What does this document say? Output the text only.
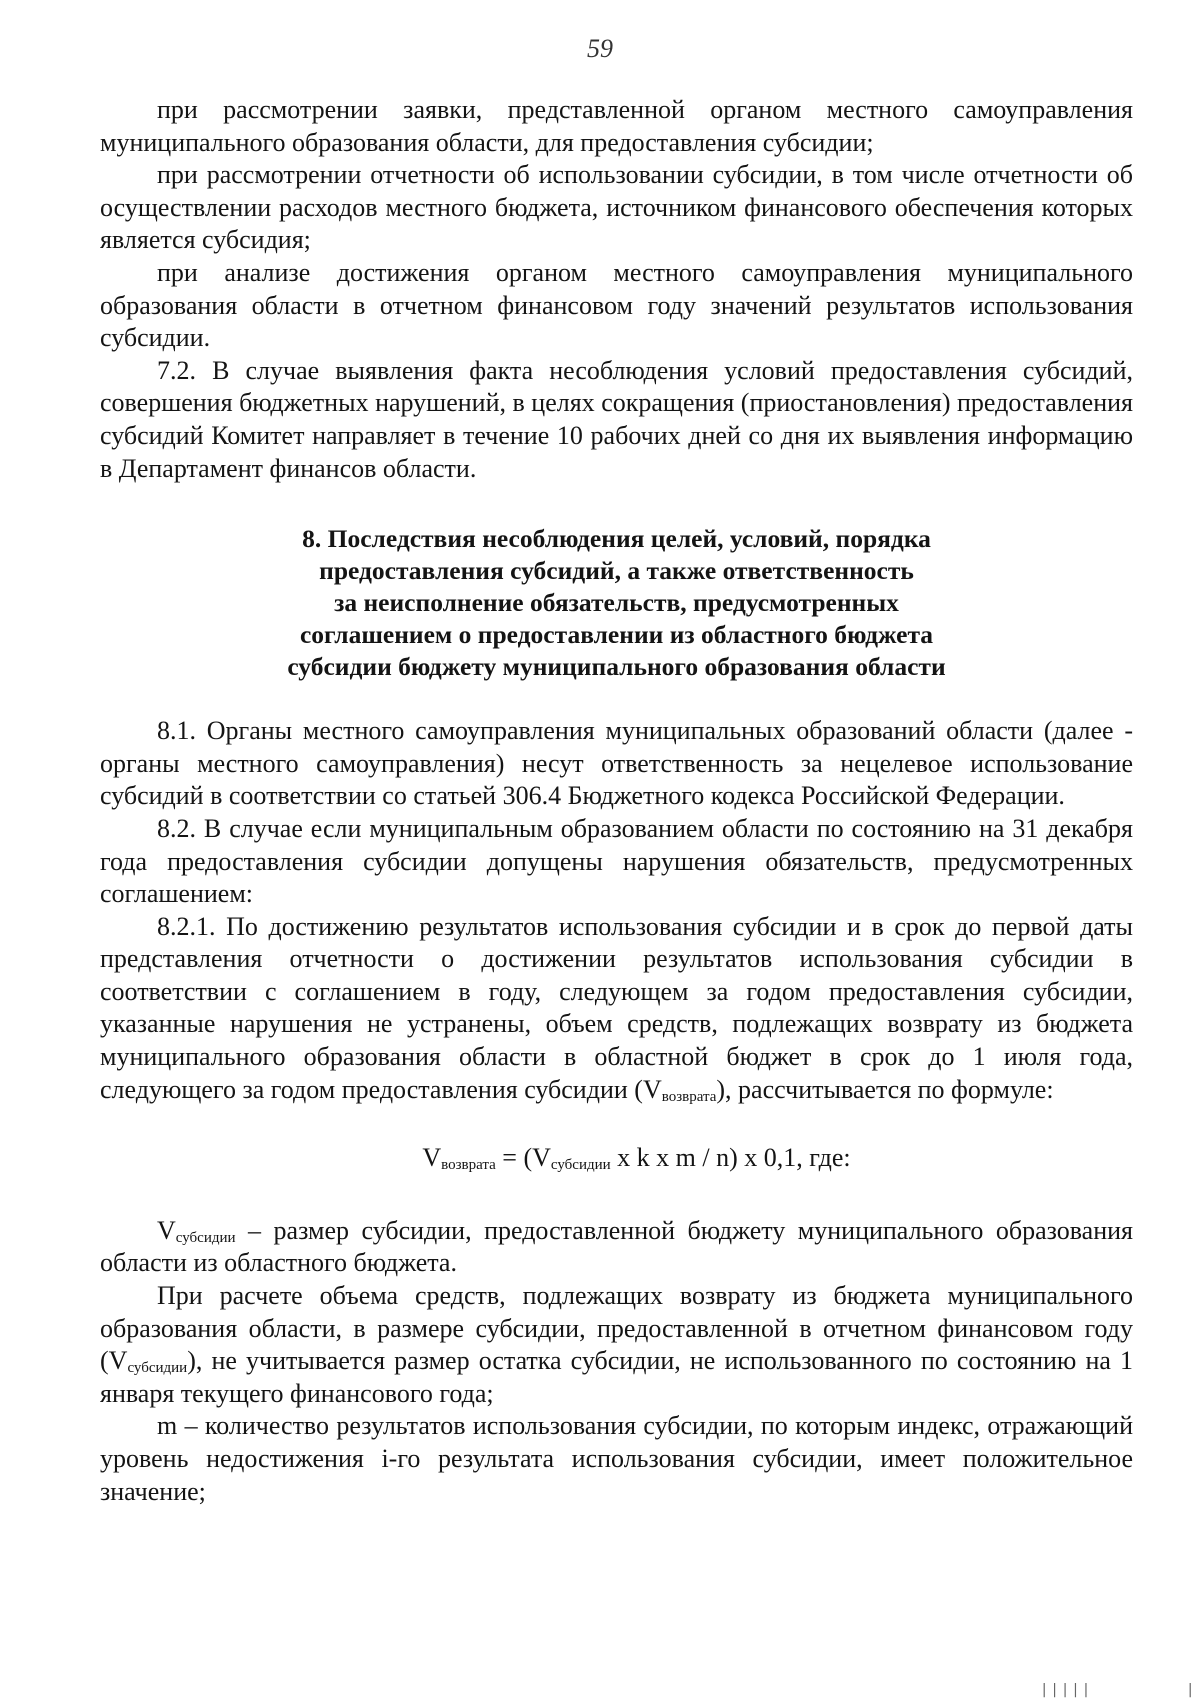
59

при рассмотрении заявки, представленной органом местного самоуправления муниципального образования области, для предоставления субсидии;

при рассмотрении отчетности об использовании субсидии, в том числе отчетности об осуществлении расходов местного бюджета, источником финансового обеспечения которых является субсидия;

при анализе достижения органом местного самоуправления муниципального образования области в отчетном финансовом году значений результатов использования субсидии.

7.2. В случае выявления факта несоблюдения условий предоставления субсидий, совершения бюджетных нарушений, в целях сокращения (приостановления) предоставления субсидий Комитет направляет в течение 10 рабочих дней со дня их выявления информацию в Департамент финансов области.

8. Последствия несоблюдения целей, условий, порядка
предоставления субсидий, а также ответственность
за неисполнение обязательств, предусмотренных
соглашением о предоставлении из областного бюджета
субсидии бюджету муниципального образования области

8.1. Органы местного самоуправления муниципальных образований области (далее - органы местного самоуправления) несут ответственность за нецелевое использование субсидий в соответствии со статьей 306.4 Бюджетного кодекса Российской Федерации.

8.2. В случае если муниципальным образованием области по состоянию на 31 декабря года предоставления субсидии допущены нарушения обязательств, предусмотренных соглашением:

8.2.1. По достижению результатов использования субсидии и в срок до первой даты представления отчетности о достижении результатов использования субсидии в соответствии с соглашением в году, следующем за годом предоставления субсидии, указанные нарушения не устранены, объем средств, подлежащих возврату из бюджета муниципального образования области в областной бюджет в срок до 1 июля года, следующего за годом предоставления субсидии $(V_{возврата})$, рассчитывается по формуле:

$V_{возврата} = (V_{субсидии}$ x k x m / n) x 0,1, где:

$V_{субсидии}$ – размер субсидии, предоставленной бюджету муниципального образования области из областного бюджета.

При расчете объема средств, подлежащих возврату из бюджета муниципального образования области, в размере субсидии, предоставленной в отчетном финансовом году $(V_{субсидии})$, не учитывается размер остатка субсидии, не использованного по состоянию на 1 января текущего финансового года;

m – количество результатов использования субсидии, по которым индекс, отражающий уровень недостижения i-го результата использования субсидии, имеет положительное значение;

|||||         |
